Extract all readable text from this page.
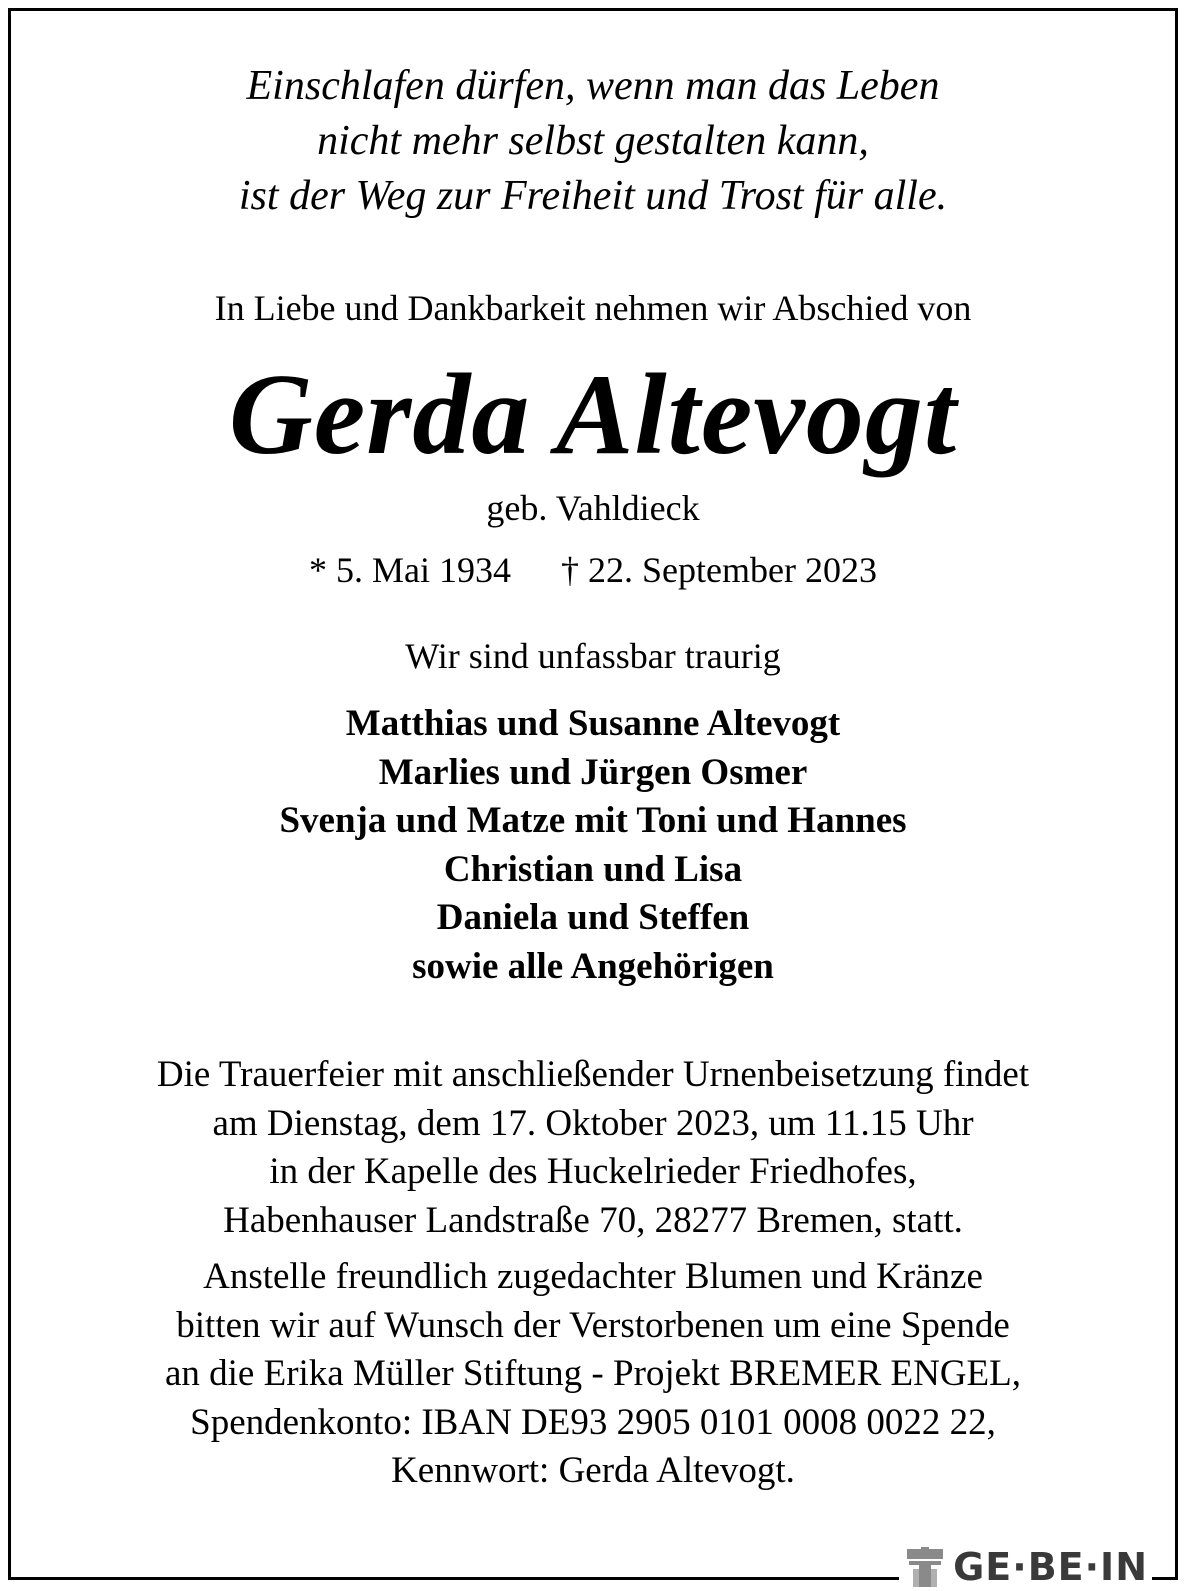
Einschlafen dürfen, wenn man das Leben
nicht mehr selbst gestalten kann,
ist der Weg zur Freiheit und Trost für alle.
In Liebe und Dankbarkeit nehmen wir Abschied von
Gerda Altevogt
geb. Vahldieck
* 5. Mai 1934 † 22. September 2023
Wir sind unfassbar traurig
Matthias und Susanne Altevogt
Marlies und Jürgen Osmer
Svenja und Matze mit Toni und Hannes
Christian und Lisa
Daniela und Steffen
sowie alle Angehörigen
Die Trauerfeier mit anschließender Urnenbeisetzung findet
am Dienstag, dem 17. Oktober 2023, um 11.15 Uhr
in der Kapelle des Huckelrieder Friedhofes,
Habenhauser Landstraße 70, 28277 Bremen, statt.
Anstelle freundlich zugedachter Blumen und Kränze
bitten wir auf Wunsch der Verstorbenen um eine Spende
an die Erika Müller Stiftung - Projekt BREMER ENGEL,
Spendenkonto: IBAN DE93 2905 0101 0008 0022 22,
Kennwort: Gerda Altevogt.
GE·BE·IN
